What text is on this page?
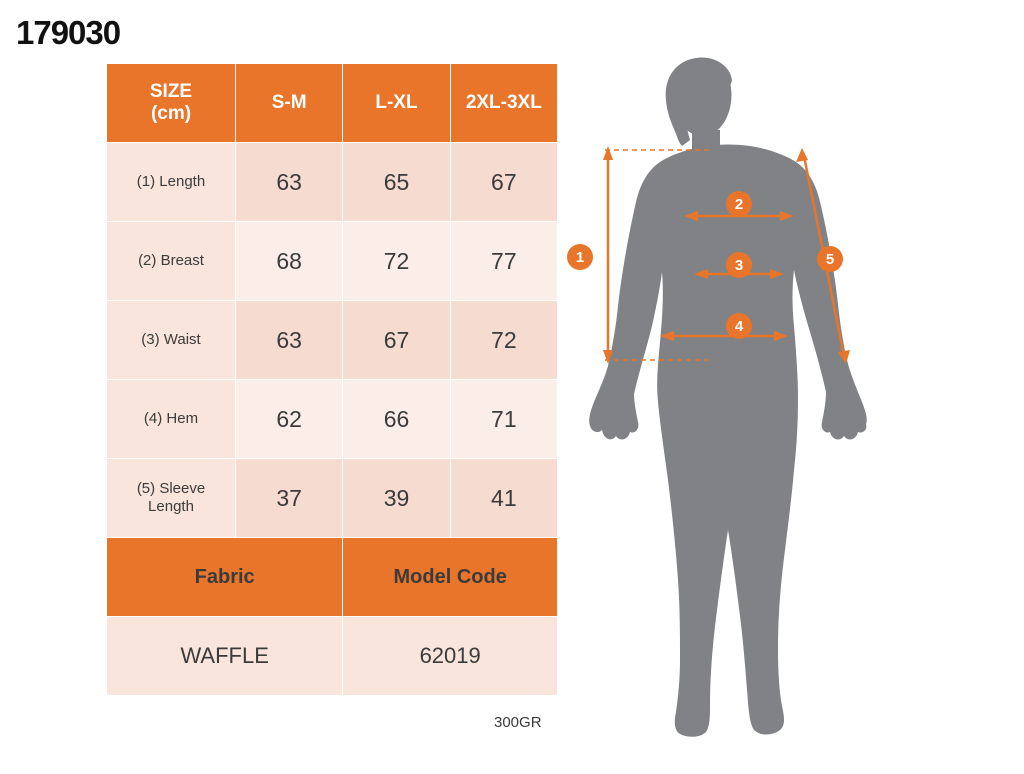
179030
SIZE
(cm)	S-M	L-XL	2XL-3XL
(1) Length	63	65	67
(2) Breast	68	72	77
(3) Waist	63	67	72
(4) Hem	62	66	71
(5) Sleeve Length	37	39	41
Fabric		Model Code	
WAFFLE		62019	
300GR
1
2
3
4
5
